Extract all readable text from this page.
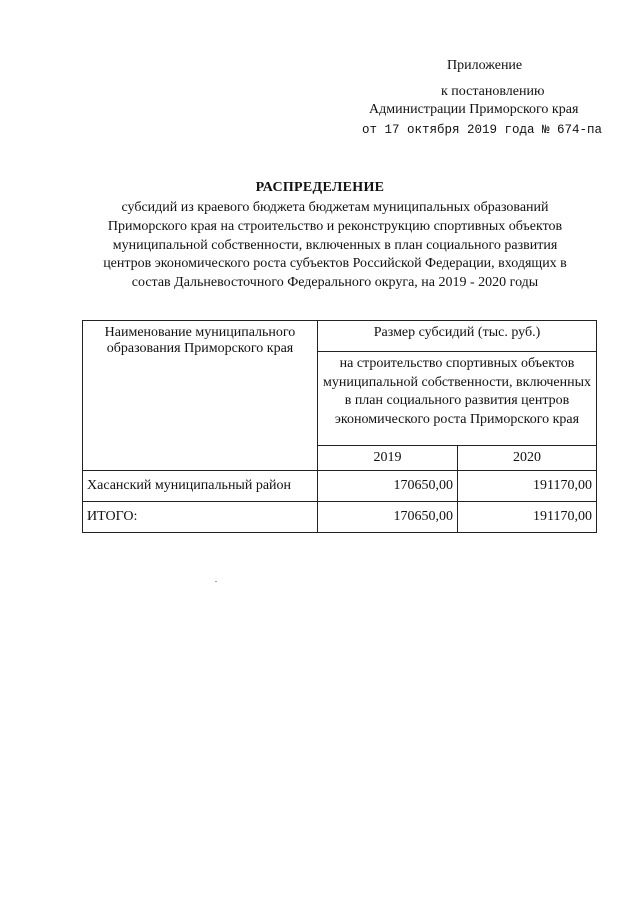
Приложение
к постановлению
Администрации Приморского края
от 17 октября 2019 года № 674-па
РАСПРЕДЕЛЕНИЕ
субсидий из краевого бюджета бюджетам муниципальных образований
Приморского края на строительство и реконструкцию спортивных объектов
муниципальной собственности, включенных в план социального развития
центров экономического роста субъектов Российской Федерации, входящих в
состав Дальневосточного Федерального округа, на 2019 - 2020 годы
Наименование муниципального образования Приморского края	Размер субсидий (тыс. руб.)	
	на строительство спортивных объектов муниципальной собственности, включенных в план социального развития центров экономического роста Приморского края	
	2019	2020
Хасанский муниципальный район	170650,00	191170,00
ИТОГО:	170650,00	191170,00
